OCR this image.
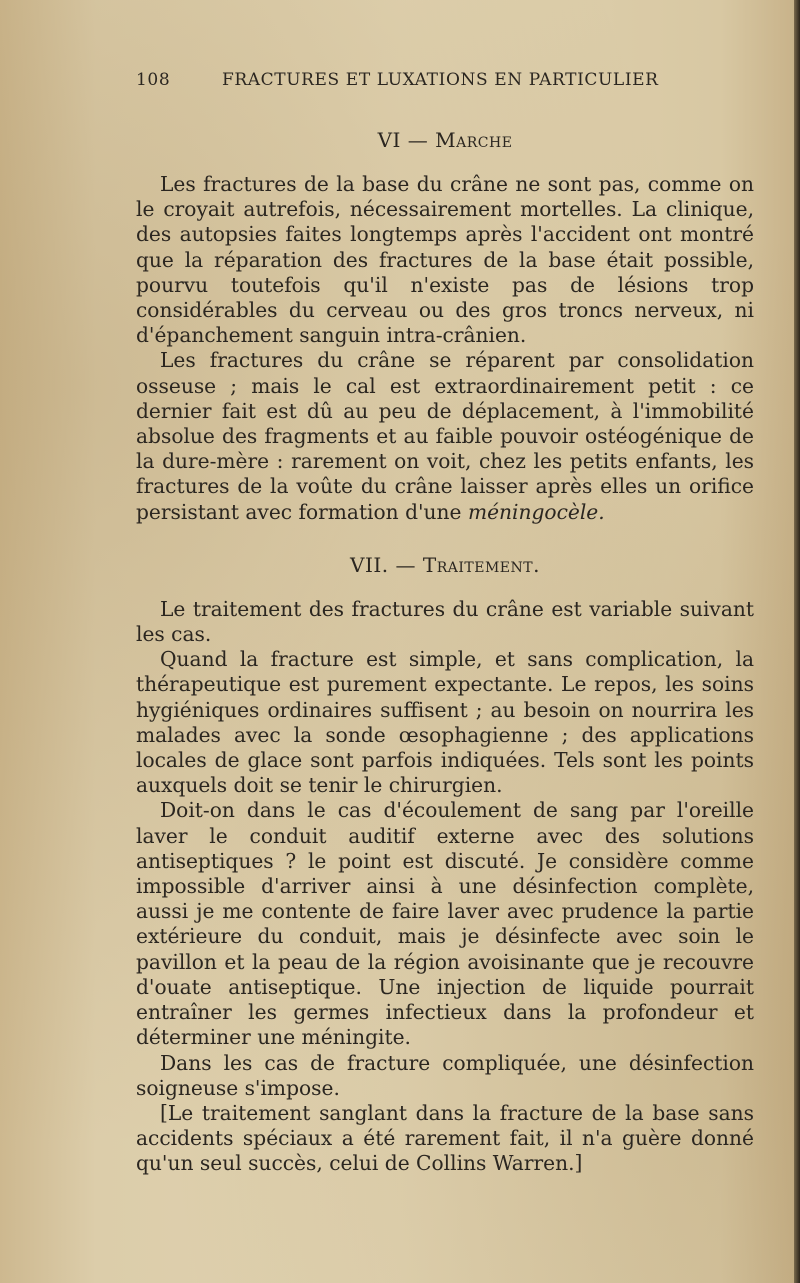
108	FRACTURES ET LUXATIONS EN PARTICULIER
VI — Marche

Les fractures de la base du crâne ne sont pas, comme on le croyait autrefois, nécessairement mortelles. La clinique, des autopsies faites longtemps après l'accident ont montré que la réparation des fractures de la base était possible, pourvu toutefois qu'il n'existe pas de lésions trop considérables du cerveau ou des gros troncs nerveux, ni d'épanchement sanguin intra-crânien.

Les fractures du crâne se réparent par consolidation osseuse ; mais le cal est extraordinairement petit : ce dernier fait est dû au peu de déplacement, à l'immobilité absolue des fragments et au faible pouvoir ostéogénique de la dure-mère : rarement on voit, chez les petits enfants, les fractures de la voûte du crâne laisser après elles un orifice persistant avec formation d'une méningocèle.

VII. — Traitement.

Le traitement des fractures du crâne est variable suivant les cas.

Quand la fracture est simple, et sans complication, la thérapeutique est purement expectante. Le repos, les soins hygiéniques ordinaires suffisent ; au besoin on nourrira les malades avec la sonde œsophagienne ; des applications locales de glace sont parfois indiquées. Tels sont les points auxquels doit se tenir le chirurgien.

Doit-on dans le cas d'écoulement de sang par l'oreille laver le conduit auditif externe avec des solutions antiseptiques ? le point est discuté. Je considère comme impossible d'arriver ainsi à une désinfection complète, aussi je me contente de faire laver avec prudence la partie extérieure du conduit, mais je désinfecte avec soin le pavillon et la peau de la région avoisinante que je recouvre d'ouate antiseptique. Une injection de liquide pourrait entraîner les germes infectieux dans la profondeur et déterminer une méningite.

Dans les cas de fracture compliquée, une désinfection soigneuse s'impose.

[Le traitement sanglant dans la fracture de la base sans accidents spéciaux a été rarement fait, il n'a guère donné qu'un seul succès, celui de Collins Warren.]
